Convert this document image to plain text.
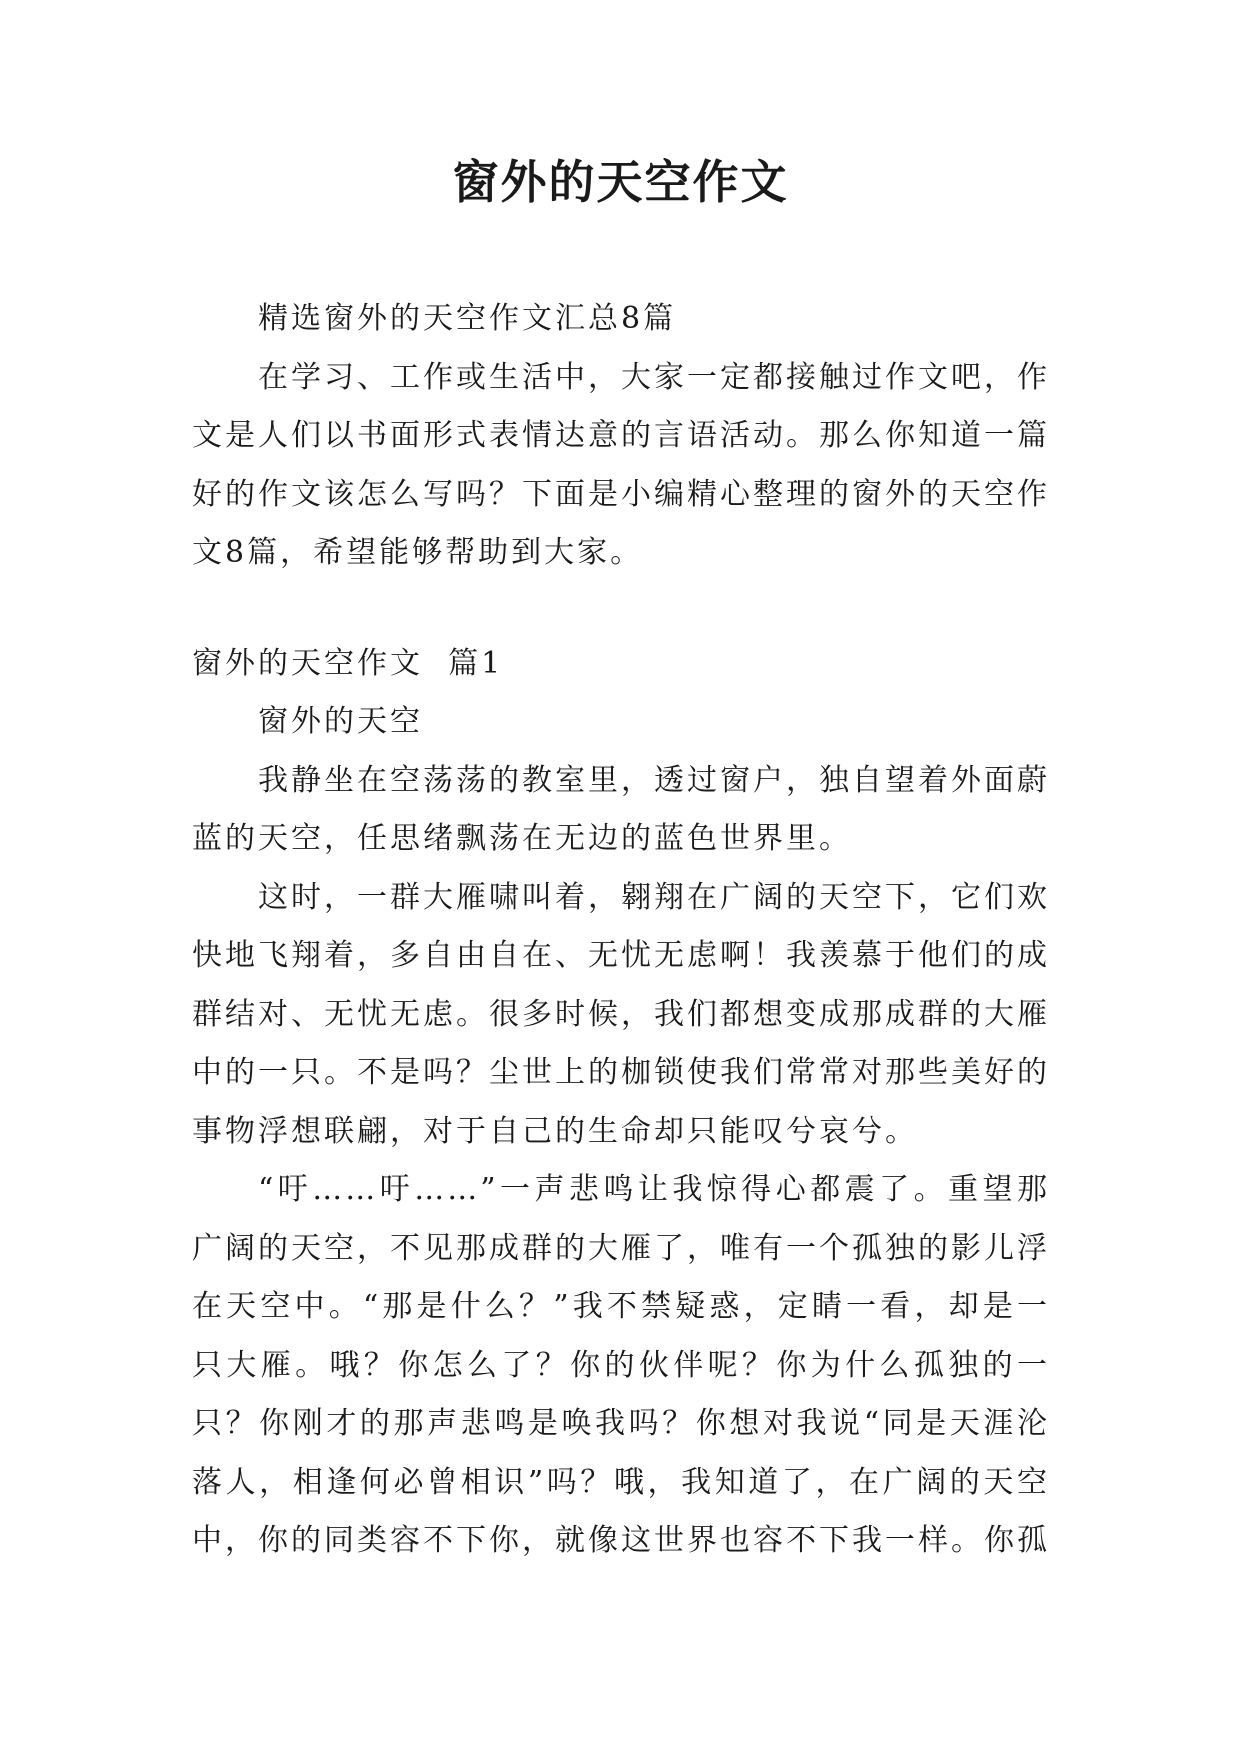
窗外的天空作文

精选窗外的天空作文汇总8篇

在学习、工作或生活中，大家一定都接触过作文吧，作文是人们以书面形式表情达意的言语活动。那么你知道一篇好的作文该怎么写吗？下面是小编精心整理的窗外的天空作文8篇，希望能够帮助到大家。

窗外的天空作文  篇1

窗外的天空

我静坐在空荡荡的教室里，透过窗户，独自望着外面蔚蓝的天空，任思绪飘荡在无边的蓝色世界里。

这时，一群大雁啸叫着，翱翔在广阔的天空下，它们欢快地飞翔着，多自由自在、无忧无虑啊！我羡慕于他们的成群结对、无忧无虑。很多时候，我们都想变成那成群的大雁中的一只。不是吗？尘世上的枷锁使我们常常对那些美好的事物浮想联翩，对于自己的生命却只能叹兮哀兮。

“吁……吁……”一声悲鸣让我惊得心都震了。重望那广阔的天空，不见那成群的大雁了，唯有一个孤独的影儿浮在天空中。“那是什么？”我不禁疑惑，定睛一看，却是一只大雁。哦？你怎么了？你的伙伴呢？你为什么孤独的一只？你刚才的那声悲鸣是唤我吗？你想对我说“同是天涯沦落人，相逢何必曾相识”吗？哦，我知道了，在广阔的天空中，你的同类容不下你，就像这世界也容不下我一样。你孤
